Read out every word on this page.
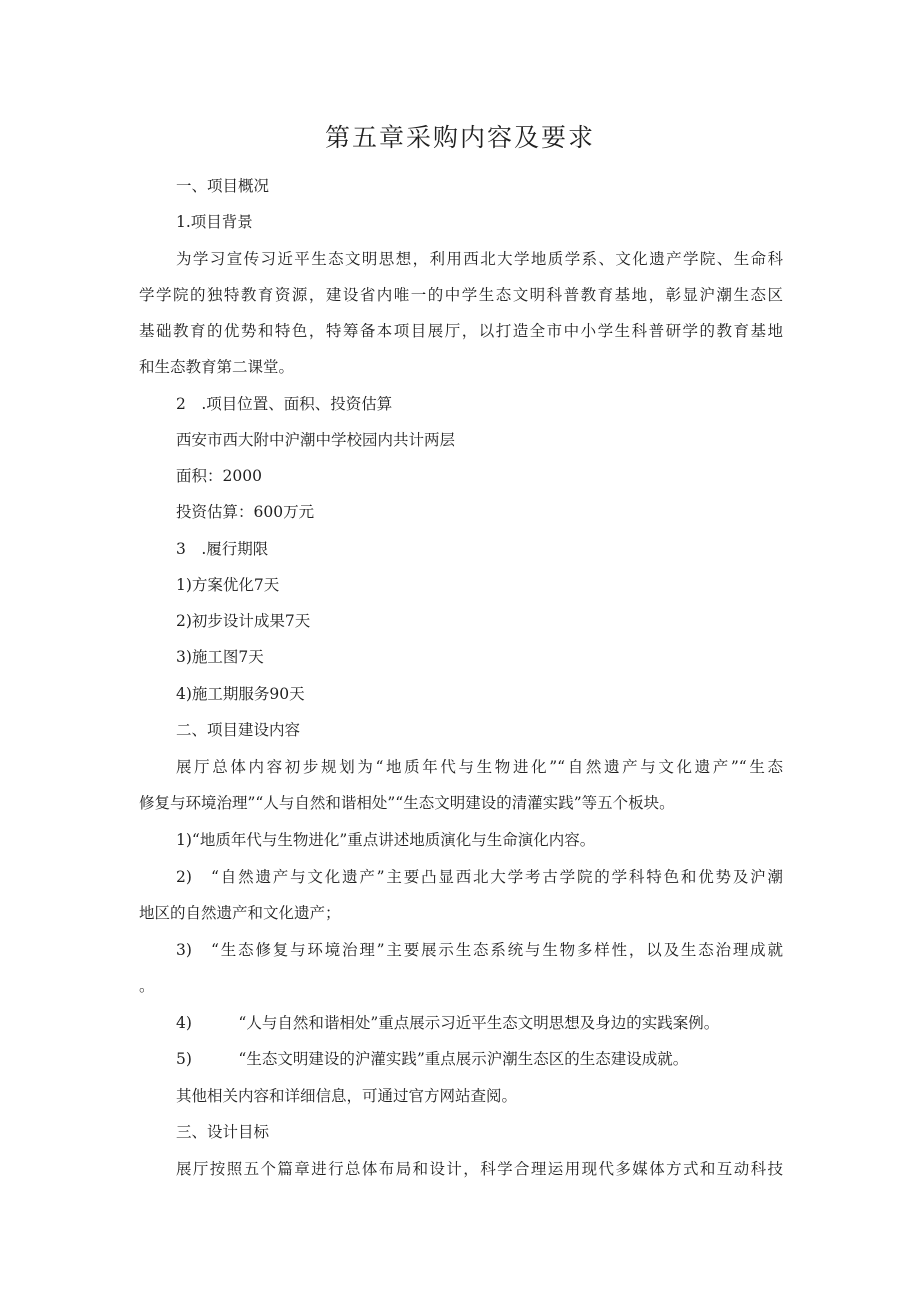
第五章采购内容及要求
一、项目概况
1.项目背景
为学习宣传习近平生态文明思想，利用西北大学地质学系、文化遗产学院、生命科
学学院的独特教育资源，建设省内唯一的中学生态文明科普教育基地，彰显沪潮生态区
基础教育的优势和特色，特筹备本项目展厅，以打造全市中小学生科普研学的教育基地
和生态教育第二课堂。
2　.项目位置、面积、投资估算
西安市西大附中沪潮中学校园内共计两层
面积：2000
投资估算：600万元
3　.履行期限
1)方案优化7天
2)初步设计成果7天
3)施工图7天
4)施工期服务90天
二、项目建设内容
展厅总体内容初步规划为“地质年代与生物进化”“自然遗产与文化遗产”“生态
修复与环境治理”“人与自然和谐相处”“生态文明建设的清灌实践”等五个板块。
1)“地质年代与生物进化”重点讲述地质演化与生命演化内容。
2)　“自然遗产与文化遗产”主要凸显西北大学考古学院的学科特色和优势及沪潮
地区的自然遗产和文化遗产；
3)　“生态修复与环境治理”主要展示生态系统与生物多样性，以及生态治理成就
。
4)　　　“人与自然和谐相处”重点展示习近平生态文明思想及身边的实践案例。
5)　　　“生态文明建设的沪灌实践”重点展示沪潮生态区的生态建设成就。
其他相关内容和详细信息，可通过官方网站查阅。
三、设计目标
展厅按照五个篇章进行总体布局和设计，科学合理运用现代多媒体方式和互动科技
